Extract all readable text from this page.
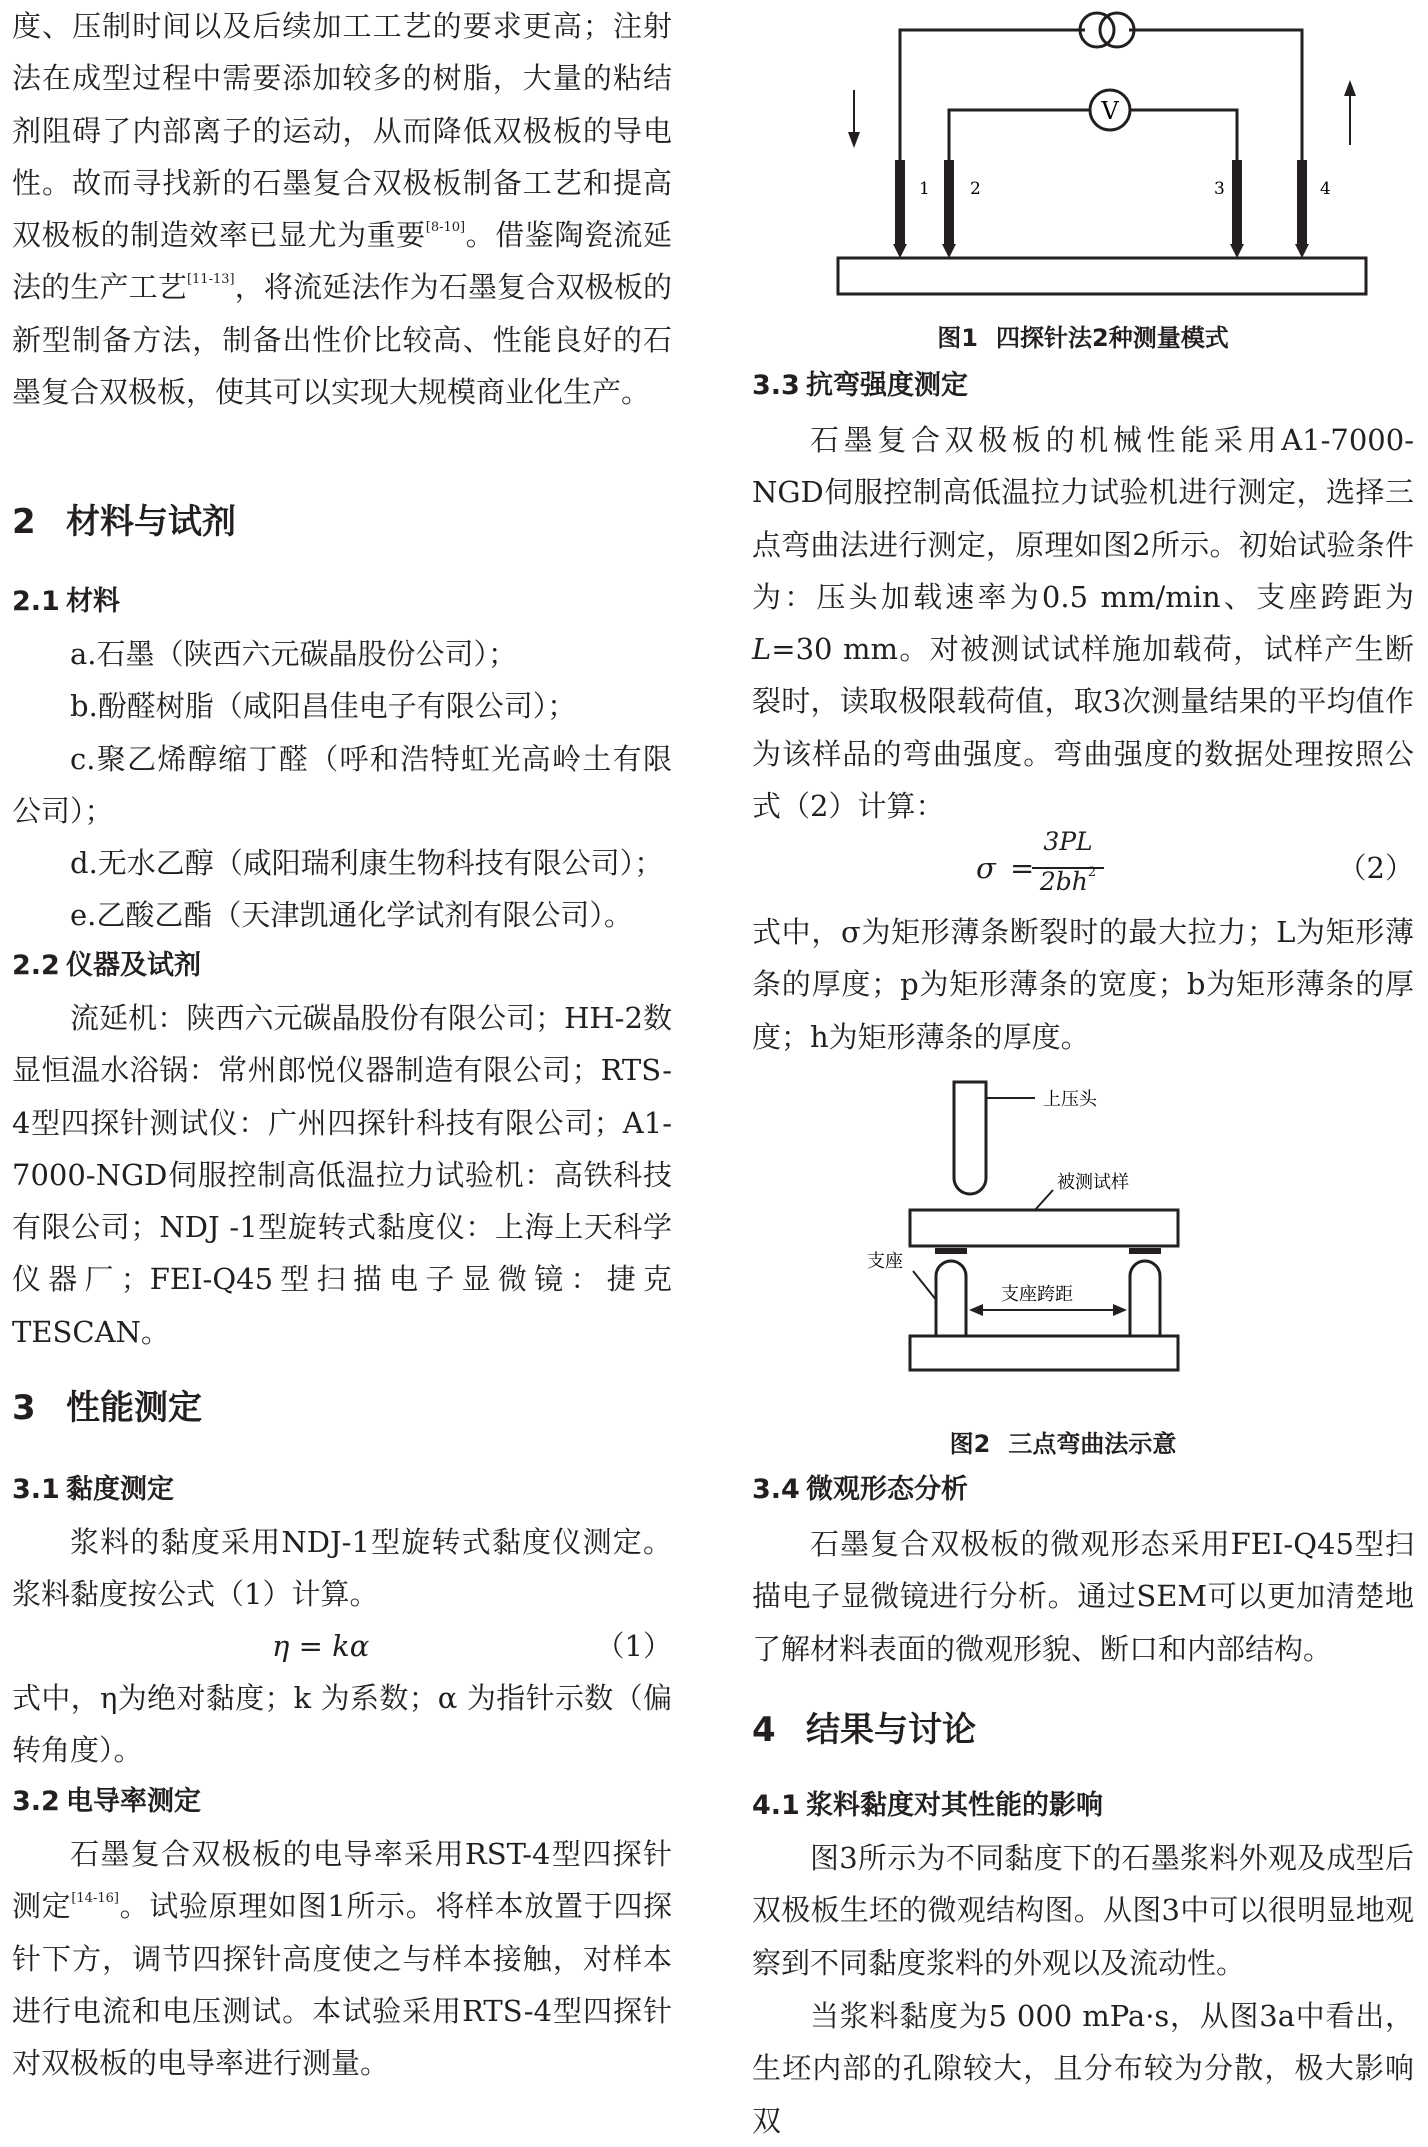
度、压制时间以及后续加工工艺的要求更高；注射法在成型过程中需要添加较多的树脂，大量的粘结剂阻碍了内部离子的运动，从而降低双极板的导电性。故而寻找新的石墨复合双极板制备工艺和提高双极板的制造效率已显尤为重要[8-10]。借鉴陶瓷流延法的生产工艺[11-13]，将流延法作为石墨复合双极板的新型制备方法，制备出性价比较高、性能良好的石墨复合双极板，使其可以实现大规模商业化生产。

2 材料与试剂
2.1 材料

a.石墨（陕西六元碳晶股份公司）；

b.酚醛树脂（咸阳昌佳电子有限公司）；

c.聚乙烯醇缩丁醛（呼和浩特虹光高岭土有限公司）；

d.无水乙醇（咸阳瑞利康生物科技有限公司）；

e.乙酸乙酯（天津凯通化学试剂有限公司）。

2.2 仪器及试剂

流延机：陕西六元碳晶股份有限公司；HH-2数显恒温水浴锅：常州郎悦仪器制造有限公司；RTS-4型四探针测试仪：广州四探针科技有限公司；A1-7000-NGD伺服控制高低温拉力试验机：高铁科技有限公司；NDJ -1型旋转式黏度仪：上海上天科学仪器厂；FEI-Q45型扫描电子显微镜：捷克TESCAN。

3 性能测定
3.1 黏度测定

浆料的黏度采用NDJ-1型旋转式黏度仪测定。浆料黏度按公式（1）计算。

η = kα	（1）

式中，η为绝对黏度；k 为系数；α 为指针示数（偏转角度）。

3.2 电导率测定

石墨复合双极板的电导率采用RST-4型四探针测定[14-16]。试验原理如图1所示。将样本放置于四探针下方，调节四探针高度使之与样本接触，对样本进行电流和电压测试。本试验采用RTS-4型四探针对双极板的电导率进行测量。

V
1 2	3	4
图1 四探针法2种测量模式
3.3 抗弯强度测定

石墨复合双极板的机械性能采用A1-7000-NGD伺服控制高低温拉力试验机进行测定，选择三点弯曲法进行测定，原理如图2所示。初始试验条件为：压头加载速率为0.5 mm/min、支座跨距为L=30 mm。对被测试试样施加载荷，试样产生断裂时，读取极限载荷值，取3次测量结果的平均值作为该样品的弯曲强度。弯曲强度的数据处理按照公式（2）计算：

σ =
3PL
$2bh^2$	（2）

式中，σ为矩形薄条断裂时的最大拉力；L为矩形薄条的厚度；p为矩形薄条的宽度；b为矩形薄条的厚度；h为矩形薄条的厚度。

上压头
被测试样
支座
支座跨距
图2 三点弯曲法示意
3.4 微观形态分析

石墨复合双极板的微观形态采用FEI-Q45型扫描电子显微镜进行分析。通过SEM可以更加清楚地了解材料表面的微观形貌、断口和内部结构。

4 结果与讨论
4.1 浆料黏度对其性能的影响

图3所示为不同黏度下的石墨浆料外观及成型后双极板生坯的微观结构图。从图3中可以很明显地观察到不同黏度浆料的外观以及流动性。

当浆料黏度为5 000 mPa·s，从图3a中看出，生坯内部的孔隙较大，且分布较为分散，极大影响双
